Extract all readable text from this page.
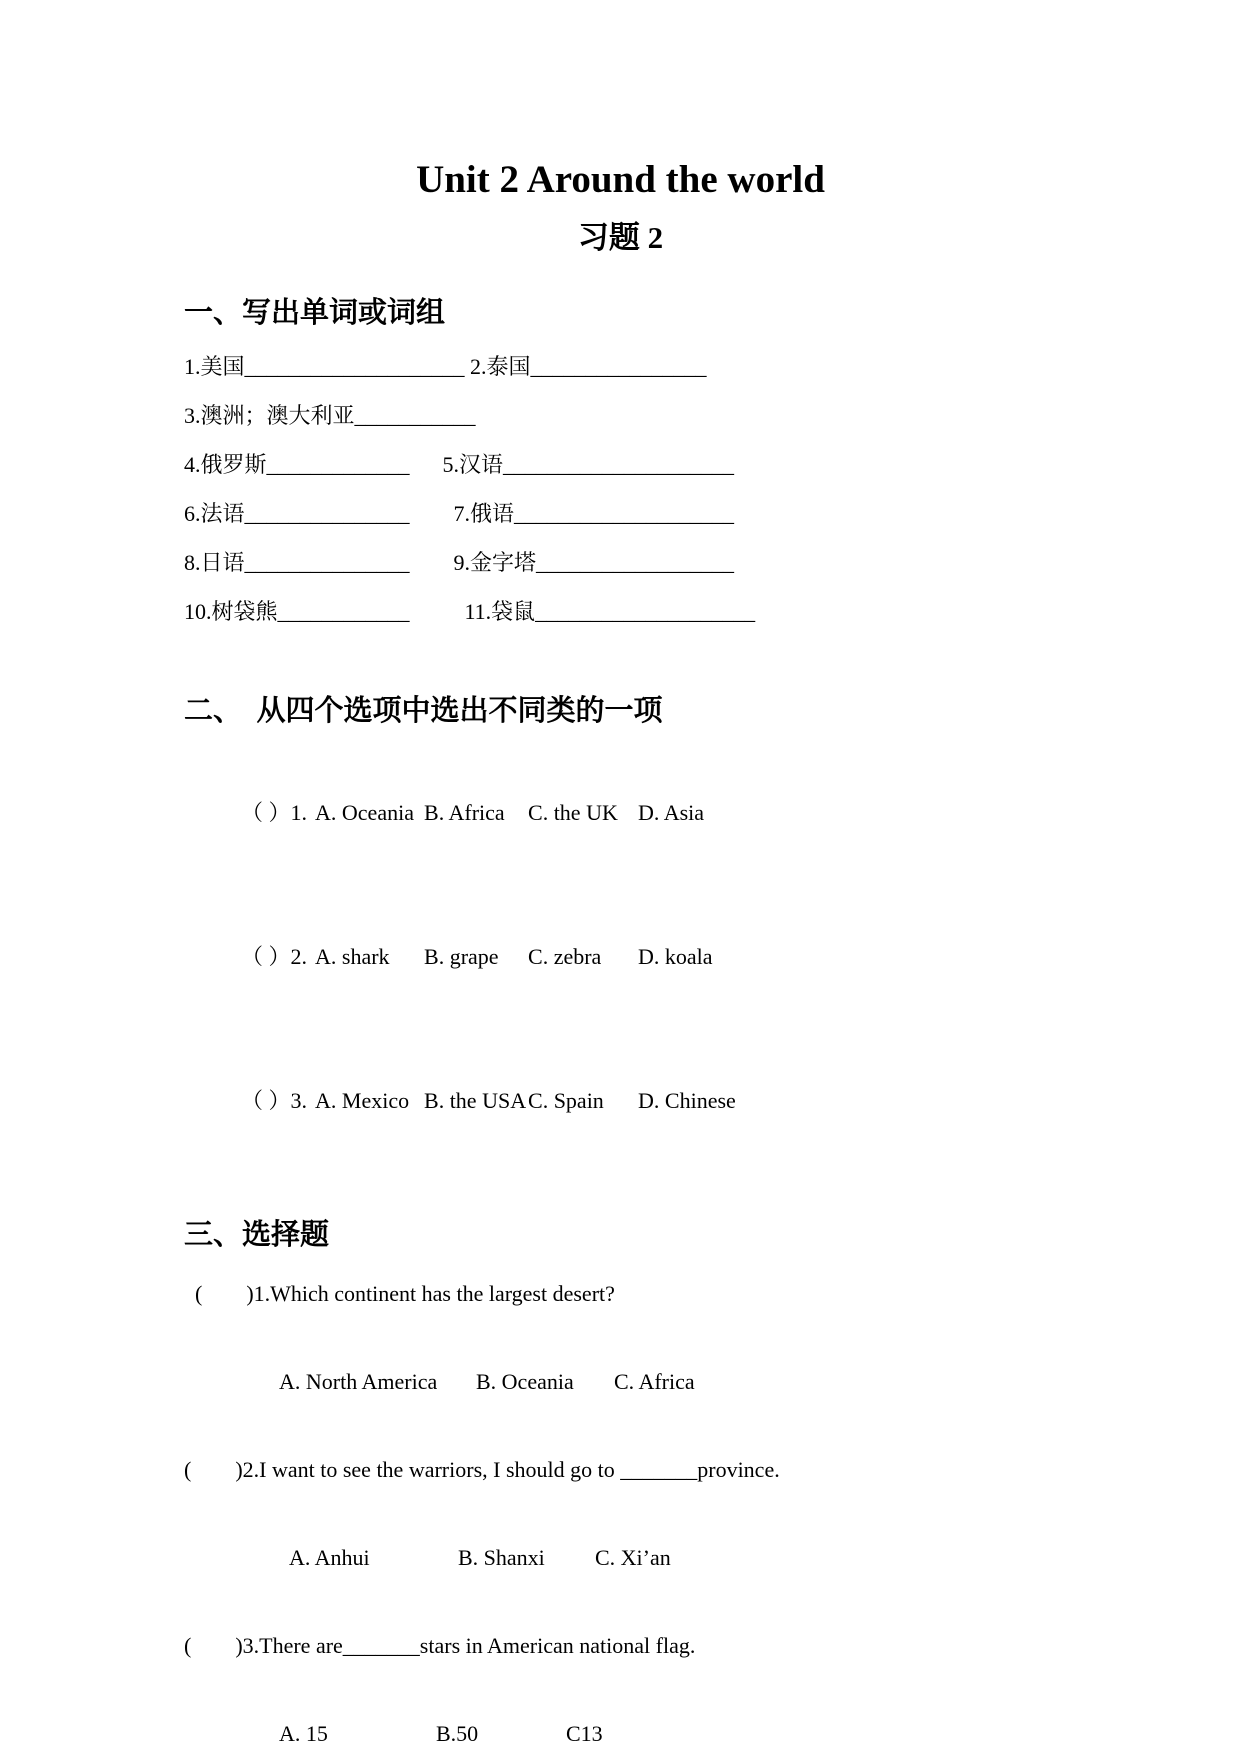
Unit 2 Around the world
习题 2
一、写出单词或词组

1.美国____________________ 2.泰国________________

3.澳洲；澳大利亚___________

4.俄罗斯_____________      5.汉语_____________________

6.法语_______________        7.俄语____________________

8.日语_______________        9.金字塔__________________

10.树袋熊____________          11.袋鼠____________________

二、　从四个选项中选出不同类的一项

（ ）1. A. Oceania B. Africa C. the UK D. Asia

（ ）2. A. shark B. grape C. zebra D. koala

（ ）3. A. Mexico B. the USAC. Spain D. Chinese

三、选择题

(        )1.Which continent has the largest desert?

A. North America B. Oceania C. Africa

(        )2.I want to see the warriors, I should go to _______province.

A. Anhui	B. Shanxi C. Xi’an

(        )3.There are_______stars in American national flag.

A. 15	B.50	C13
